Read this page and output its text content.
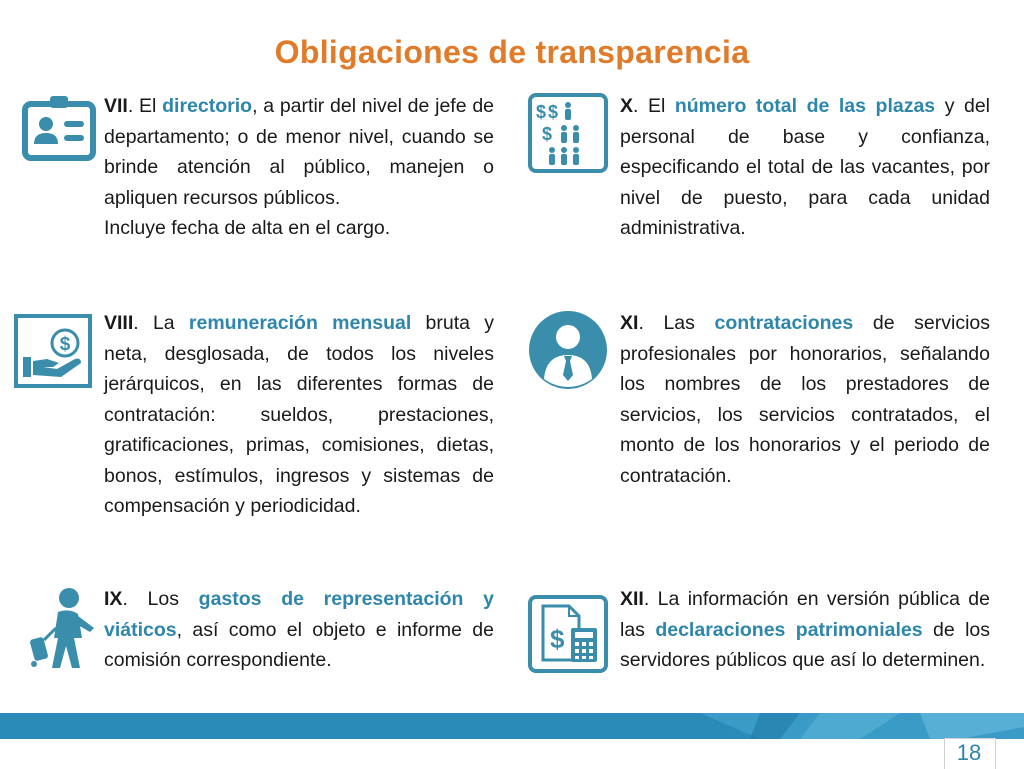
Obligaciones de transparencia

VII. El directorio, a partir del nivel de jefe de departamento; o de menor nivel, cuando se brinde atención al público, manejen o apliquen recursos públicos.

Incluye fecha de alta en el cargo.

$

VIII. La remuneración mensual bruta y neta, desglosada, de todos los niveles jerárquicos, en las diferentes formas de contratación: sueldos, prestaciones, gratificaciones, primas, comisiones, dietas, bonos, estímulos, ingresos y sistemas de compensación y periodicidad.

IX. Los gastos de representación y viáticos, así como el objeto e informe de comisión correspondiente.

$ $
$

X. El número total de las plazas y del personal de base y confianza, especificando el total de las vacantes, por nivel de puesto, para cada unidad administrativa.

XI. Las contrataciones de servicios profesionales por honorarios, señalando los nombres de los prestadores de servicios, los servicios contratados, el monto de los honorarios y el periodo de contratación.

$

XII. La información en versión pública de las declaraciones patrimoniales de los servidores públicos que así lo determinen.

18
